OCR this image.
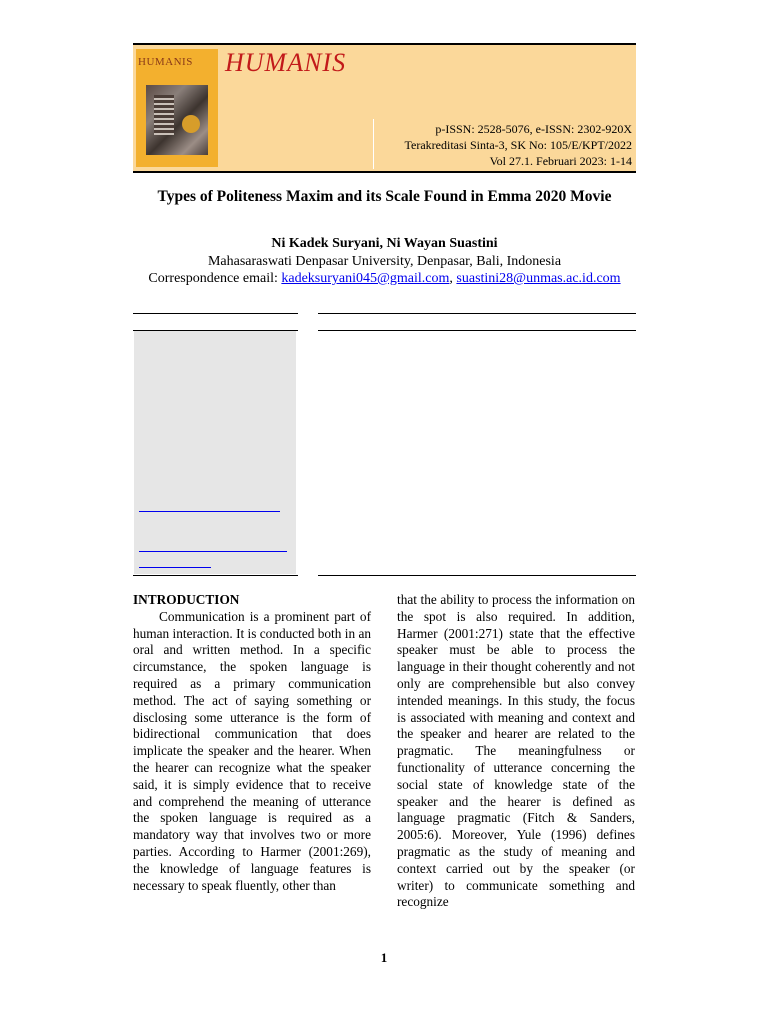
HUMANIS HUMANIS
p-ISSN: 2528-5076, e-ISSN: 2302-920X
Terakreditasi Sinta-3, SK No: 105/E/KPT/2022
Vol 27.1. Februari 2023: 1-14
Types of Politeness Maxim and its Scale Found in Emma 2020 Movie
Ni Kadek Suryani, Ni Wayan Suastini
Mahasaraswati Denpasar University, Denpasar, Bali, Indonesia
Correspondence email: kadeksuryani045@gmail.com, suastini28@unmas.ac.id.com

INTRODUCTION

Communication is a prominent part of human interaction. It is conducted both in an oral and written method. In a specific circumstance, the spoken language is required as a primary communication method. The act of saying something or disclosing some utterance is the form of bidirectional communication that does implicate the speaker and the hearer. When the hearer can recognize what the speaker said, it is simply evidence that to receive and comprehend the meaning of utterance the spoken language is required as a mandatory way that involves two or more parties. According to Harmer (2001:269), the knowledge of language features is necessary to speak fluently, other than

that the ability to process the information on the spot is also required. In addition, Harmer (2001:271) state that the effective speaker must be able to process the language in their thought coherently and not only are comprehensible but also convey intended meanings. In this study, the focus is associated with meaning and context and the speaker and hearer are related to the pragmatic. The meaningfulness or functionality of utterance concerning the social state of knowledge state of the speaker and the hearer is defined as language pragmatic (Fitch & Sanders, 2005:6). Moreover, Yule (1996) defines pragmatic as the study of meaning and context carried out by the speaker (or writer) to communicate something and recognize

1
